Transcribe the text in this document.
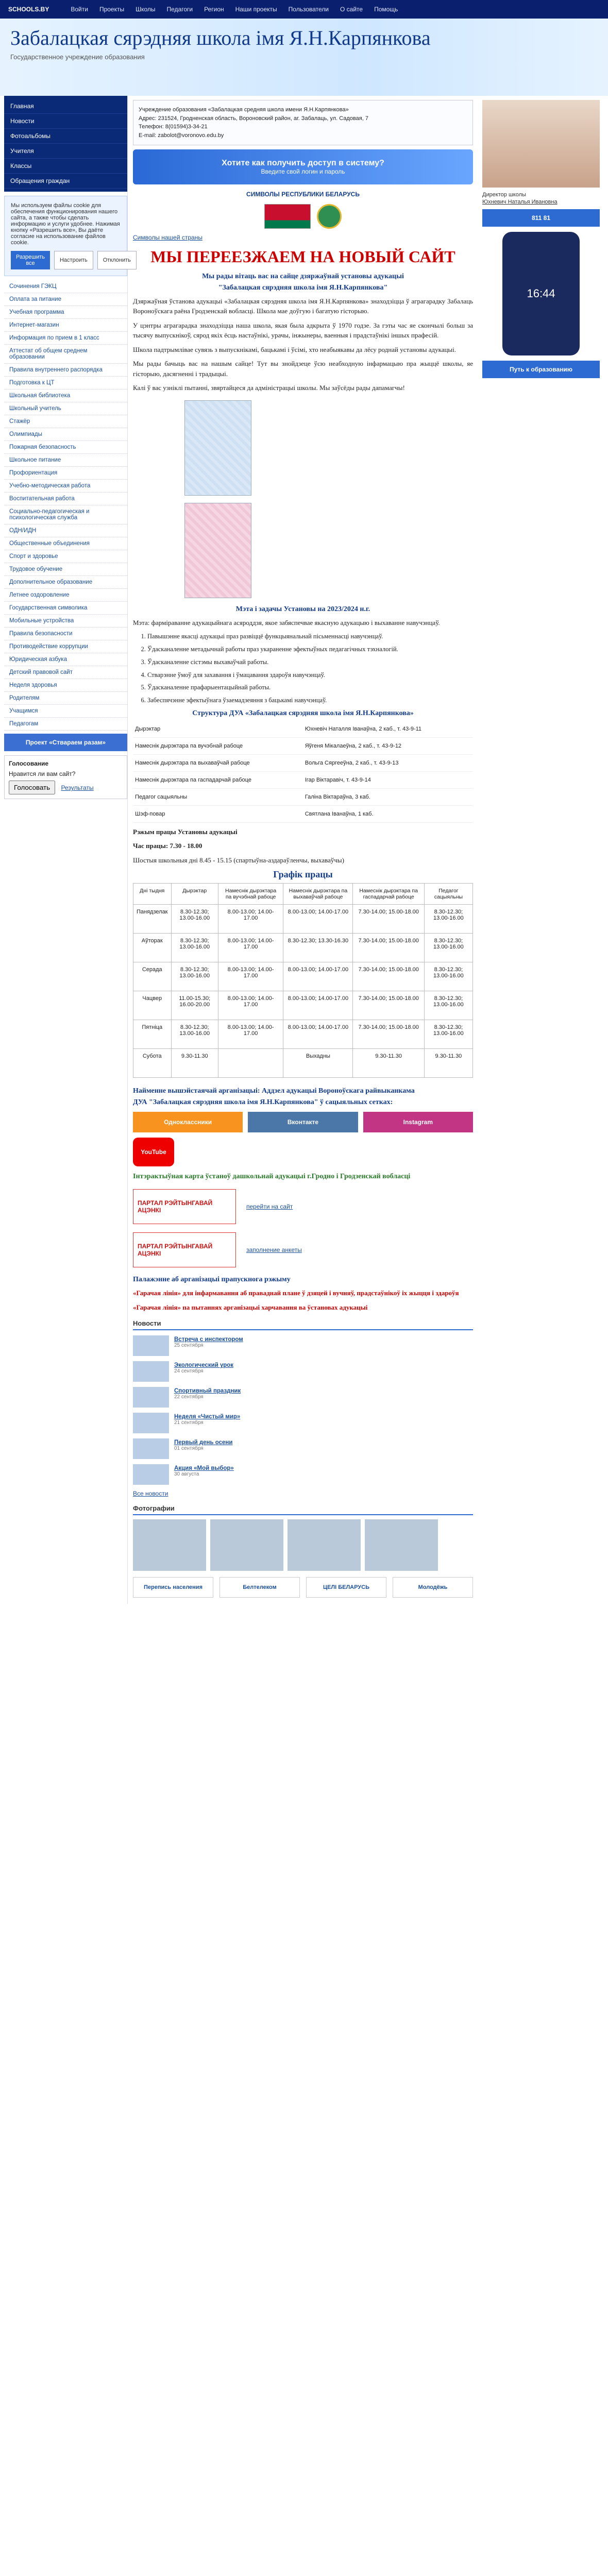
SCHOOLS.BY	Войти Проекты Школы Педагоги Регион Наши проекты Пользователи О сайте Помощь
Забалацкая сярэдняя школа імя Я.Н.Карпянкова
Государственное учреждение образования
Главная
Новости
Фотоальбомы
Учителя
Классы
Обращения граждан
Мы используем файлы cookie для обеспечения функционирования нашего сайта, а также чтобы сделать информацию и услуги удобнее. Нажимая кнопку «Разрешить все», Вы даёте согласие на использование файлов cookie.
Разрешить все	Настроить	Отклонить
Сочинения ГЭКЦ
Оплата за питание
Учебная программа
Интернет-магазин
Информация по прием в 1 класс
Аттестат об общем среднем образовании
Правила внутреннего распорядка
Подготовка к ЦТ
Школьная библиотека
Школьный учитель
Стажёр
Олимпиады
Пожарная безопасность
Школьное питание
Профориентация
Учебно-методическая работа
Воспитательная работа
Социально-педагогическая и психологическая служба
ОДН/ИДН
Общественные объединения
Спорт и здоровье
Трудовое обучение
Дополнительное образование
Летнее оздоровление
Государственная символика
Мобильные устройства
Правила безопасности
Противодействие коррупции
Юридическая азбука
Детский правовой сайт
Неделя здоровья
Родителям
Учащимся
Педагогам
Проект «Ствараем разам»
Голосование
Нравится ли вам сайт?
Голосовать Результаты
Учреждение образования «Забалацкая средняя школа имени Я.Н.Карпянкова»
Адрес: 231524, Гродненская область, Вороновский район, аг. Забалаць, ул. Садовая, 7
Телефон: 8(01594)3-34-21
E-mail: zabolot@voronovo.edu.by
Хотите как получить доступ в систему?
Введите свой логин и пароль
СИМВОЛЫ РЕСПУБЛИКИ БЕЛАРУСЬ
Символы нашей страны
МЫ ПЕРЕЕЗЖАЕМ НА НОВЫЙ САЙТ
Мы рады вітаць вас на сайце дзяржаўнай установы адукацыі
"Забалацкая сярэдняя школа імя Я.Н.Карпянкова"

Дзяржаўная ўстанова адукацыі «Забалацкая сярэдняя школа імя Я.Н.Карпянкова» знаходзіцца ў аграгарадку Забалаць Вороноўскага раёна Гродзенскай вобласці. Школа мае доўгую і багатую гісторыю.

У цэнтры аграгарадка знаходзіцца наша школа, якая была адкрыта ў 1970 годзе. За гэты час яе скончылі больш за тысячу выпускнікоў, сярод якіх ёсць настаўнікі, урачы, інжынеры, ваенныя і прадстаўнікі іншых прафесій.

Школа падтрымлівае сувязь з выпускнікамі, бацькамі і ўсімі, хто неабыякавы да лёсу роднай установы адукацыі.

Мы рады бачыць вас на нашым сайце! Тут вы знойдзеце ўсю неабходную інфармацыю пра жыццё школы, яе гісторыю, дасягненні і традыцыі.

Калі ў вас узніклі пытанні, звяртайцеся да адміністрацыі школы. Мы заўсёды рады дапамагчы!

Мэта і задачы Установы на 2023/2024 н.г.

Мэта: фарміраванне адукацыйнага асяроддзя, якое забяспечвае якасную адукацыю і выхаванне навучэнцаў.

1. Павышэнне якасці адукацыі праз развіццё функцыянальнай пісьменнасці навучэнцаў.
2. Ўдасканаленне метадычнай работы праз укараненне эфектыўных педагагічных тэхналогій.
3. Ўдасканаленне сістэмы выхаваўчай работы.
4. Стварэнне ўмоў для захавання і ўмацавання здароўя навучэнцаў.
5. Ўдасканаленне прафарыентацыйнай работы.
6. Забеспячэнне эфектыўнага ўзаемадзеяння з бацькамі навучэнцаў.
Структура ДУА «Забалацкая сярэдняя школа імя Я.Н.Карпянкова»
Дырэктар	Юхневіч Наталля Іванаўна, 2 каб., т. 43-9-11
Намеснік дырэктара па вучэбнай рабоце	Яўгеня Мікалаеўна, 2 каб., т. 43-9-12
Намеснік дырэктара па выхаваўчай рабоце	Вольга Сяргееўна, 2 каб., т. 43-9-13
Намеснік дырэктара па гаспадарчай рабоце	Ігар Віктаравіч, т. 43-9-14
Педагог сацыяльны	Галіна Віктараўна, 3 каб.
Шэф-повар	Святлана Іванаўна, 1 каб.

Рэжым працы Установы адукацыі

Час працы: 7.30 - 18.00

Шостыя школьныя дні 8.45 - 15.15 (спартыўна-аздараўленчы, выхаваўчы)

Графік працы
Дні тыдня	Дырэктар	Намеснік дырэктара па вучэбнай рабоце	Намеснік дырэктара па выхаваўчай рабоце	Намеснік дырэктара па гаспадарчай рабоце	Педагог сацыяльны
Панядзелак	8.30-12.30; 13.00-16.00	8.00-13.00; 14.00-17.00	8.00-13.00; 14.00-17.00	7.30-14.00; 15.00-18.00	8.30-12.30; 13.00-16.00
Аўторак	8.30-12.30; 13.00-16.00	8.00-13.00; 14.00-17.00	8.30-12.30; 13.30-16.30	7.30-14.00; 15.00-18.00	8.30-12.30; 13.00-16.00
Серада	8.30-12.30; 13.00-16.00	8.00-13.00; 14.00-17.00	8.00-13.00; 14.00-17.00	7.30-14.00; 15.00-18.00	8.30-12.30; 13.00-16.00
Чацвер	11.00-15.30; 16.00-20.00	8.00-13.00; 14.00-17.00	8.00-13.00; 14.00-17.00	7.30-14.00; 15.00-18.00	8.30-12.30; 13.00-16.00
Пятніца	8.30-12.30; 13.00-16.00	8.00-13.00; 14.00-17.00	8.00-13.00; 14.00-17.00	7.30-14.00; 15.00-18.00	8.30-12.30; 13.00-16.00
Субота	9.30-11.30		Выхадны	9.30-11.30	9.30-11.30

Найменне вышэйстаячай арганізацыі: Аддзел адукацыі Вороноўскага райвыканкама

ДУА "Забалацкая сярэдняя школа імя Я.Н.Карпянкова" ў сацыяльных сетках:

Одноклассники	Вконтакте	Instagram
YouTube
Інтэрактыўная карта ўстаноў дашкольнай адукацыі г.Гродно і Гродзенскай вобласці
ПАРТАЛ РЭЙТЫНГАВАЙ АЦЭНКІ	перейти на сайт
ПАРТАЛ РЭЙТЫНГАВАЙ АЦЭНКІ	заполнение анкеты

Палажэнне аб арганізацыі прапускнога рэжыму

«Гарачая лінія» для інфармавання аб праваднай плане ў дзяцей і вучняў, прадстаўнікоў іх жыцця і здароўя

«Гарачая лінія» па пытаннях арганізацыі харчавання ва ўстановах адукацыі

Новости
Встреча с инспектором
25 сентября
Экологический урок
24 сентября
Спортивный праздник
22 сентября
Неделя «Чистый мир»
21 сентября
Первый день осени
01 сентября
Акция «Мой выбор»
30 августа
Все новости
Фотографии
Перепись населения	Белтелеком	ЦЕЛІ БЕЛАРУСЬ	Молодёжь
Директор школы
Юхневич Наталья Ивановна
811 81
16:44
Путь к образованию
